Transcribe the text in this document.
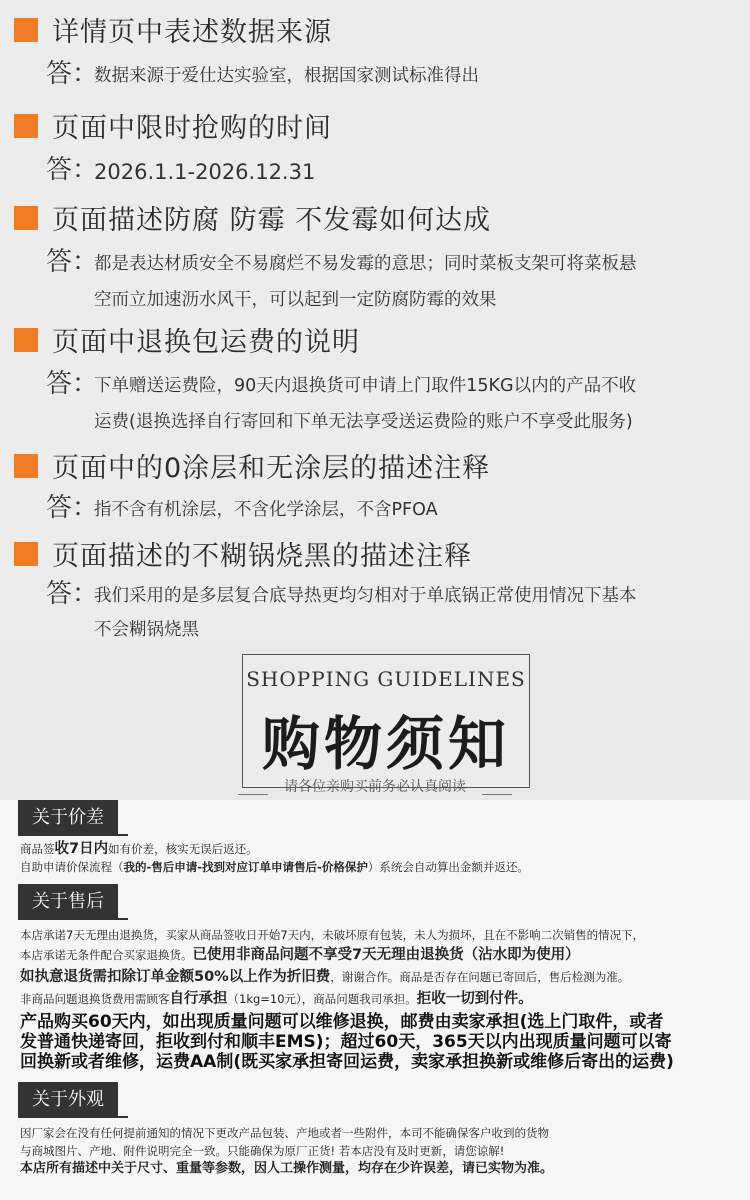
详情页中表述数据来源
答：
数据来源于爱仕达实验室，根据国家测试标准得出
页面中限时抢购的时间
答：
2026.1.1-2026.12.31
页面描述防腐 防霉 不发霉如何达成
答：
都是表达材质安全不易腐烂不易发霉的意思；同时菜板支架可将菜板悬
空而立加速沥水风干，可以起到一定防腐防霉的效果
页面中退换包运费的说明
答：
下单赠送运费险，90天内退换货可申请上门取件15KG以内的产品不收
运费(退换选择自行寄回和下单无法享受送运费险的账户不享受此服务)
页面中的0涂层和无涂层的描述注释
答：
指不含有机涂层，不含化学涂层，不含PFOA
页面描述的不糊锅烧黑的描述注释
答：
我们采用的是多层复合底导热更均匀相对于单底锅正常使用情况下基本
不会糊锅烧黑
SHOPPING GUIDELINES
购物须知
关于价差
商品签收7日内如有价差，核实无误后返还。
自助申请价保流程（我的-售后申请-找到对应订单申请售后-价格保护）系统会自动算出金额并返还。
关于售后
本店承诺7天无理由退换货，买家从商品签收日开始7天内，未破坏原有包装，未人为损坏，且在不影响二次销售的情况下，
本店承诺无条件配合买家退换货。已使用非商品问题不享受7天无理由退换货（沾水即为使用）
如执意退货需扣除订单金额50%以上作为折旧费，谢谢合作。商品是否存在问题已寄回后，售后检测为准。
非商品问题退换货费用需顾客自行承担（1kg=10元），商品问题我司承担。拒收一切到付件。
产品购买60天内，如出现质量问题可以维修退换，邮费由卖家承担(选上门取件，或者
发普通快递寄回，拒收到付和顺丰EMS)；超过60天，365天以内出现质量问题可以寄
回换新或者维修，运费AA制(既买家承担寄回运费，卖家承担换新或维修后寄出的运费)
关于外观
因厂家会在没有任何提前通知的情况下更改产品包装、产地或者一些附件，本司不能确保客户收到的货物
与商城图片、产地、附件说明完全一致。只能确保为原厂正货! 若本店没有及时更新，请您谅解!
本店所有描述中关于尺寸、重量等参数，因人工操作测量，均存在少许误差，请已实物为准。
请各位亲购买前务必认真阅读
